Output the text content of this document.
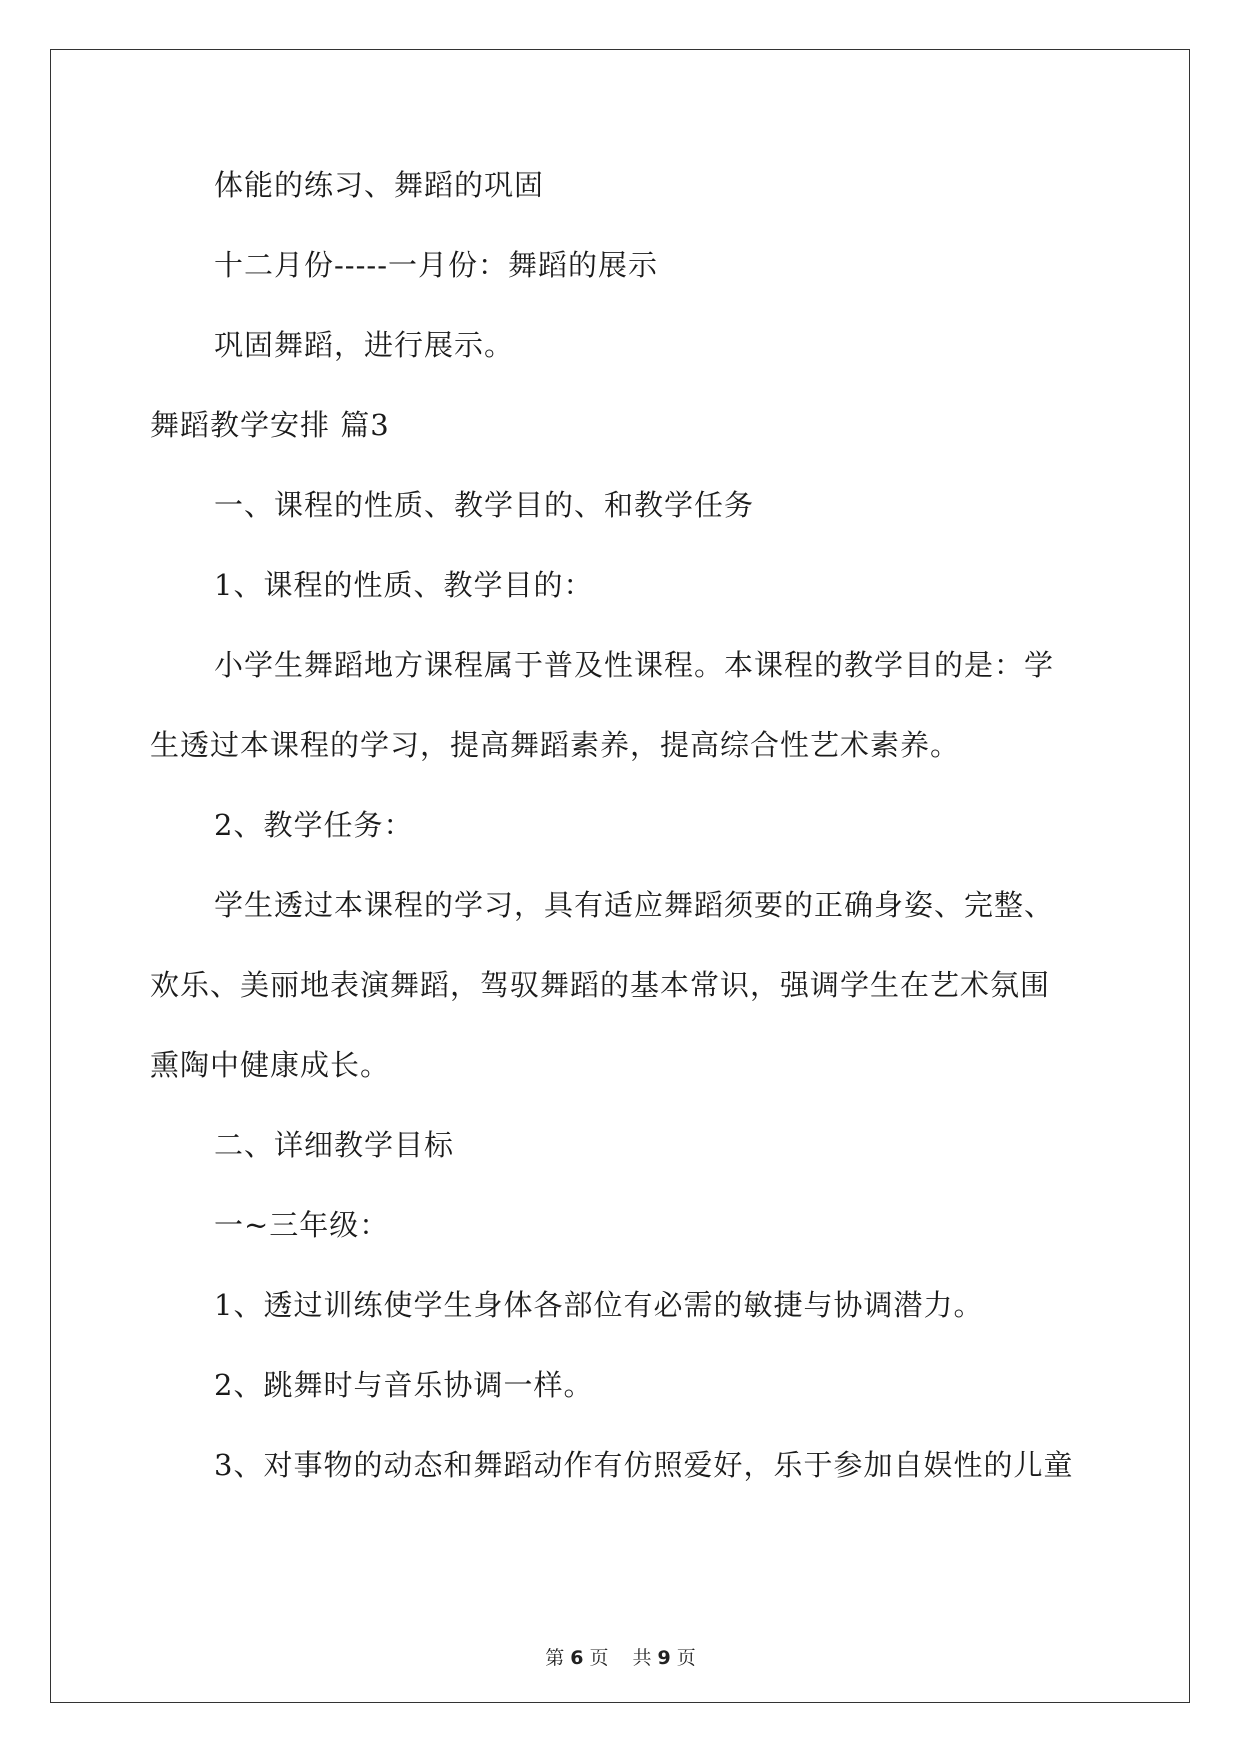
体能的练习、舞蹈的巩固

十二月份-----一月份：舞蹈的展示

巩固舞蹈，进行展示。

舞蹈教学安排 篇3

一、课程的性质、教学目的、和教学任务

1、课程的性质、教学目的：

小学生舞蹈地方课程属于普及性课程。本课程的教学目的是：学

生透过本课程的学习，提高舞蹈素养，提高综合性艺术素养。

2、教学任务：

学生透过本课程的学习，具有适应舞蹈须要的正确身姿、完整、

欢乐、美丽地表演舞蹈，驾驭舞蹈的基本常识，强调学生在艺术氛围

熏陶中健康成长。

二、详细教学目标

一~三年级：

1、透过训练使学生身体各部位有必需的敏捷与协调潜力。

2、跳舞时与音乐协调一样。

3、对事物的动态和舞蹈动作有仿照爱好，乐于参加自娱性的儿童

第 6 页 共 9 页
